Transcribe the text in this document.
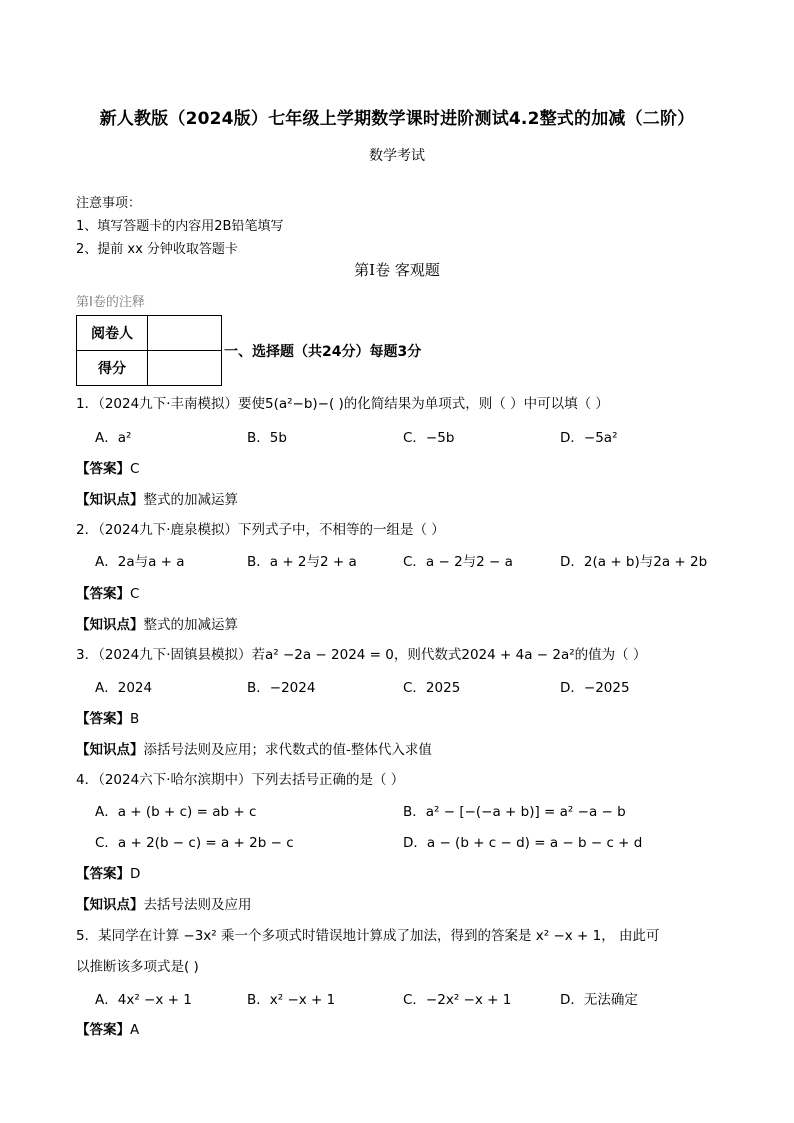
新人教版（2024版）七年级上学期数学课时进阶测试4.2整式的加减（二阶）
数学考试
注意事项：
1、填写答题卡的内容用2B铅笔填写
2、提前 xx 分钟收取答题卡
第Ⅰ卷 客观题
第Ⅰ卷的注释
阅卷人	
得分	
一、选择题（共24分）每题3分
1．（2024九下·丰南模拟）要使5(a²−b)−( )的化简结果为单项式，则（ ）中可以填（ ）
A．a²	B．5b	C．−5b	D．−5a²
【答案】C
【知识点】整式的加减运算
2．（2024九下·鹿泉模拟）下列式子中，不相等的一组是（ ）
A．2a与a + a	B．a + 2与2 + a	C．a − 2与2 − a	D．2(a + b)与2a + 2b
【答案】C
【知识点】整式的加减运算
3．（2024九下·固镇县模拟）若a² −2a − 2024 = 0，则代数式2024 + 4a − 2a²的值为（ ）
A．2024	B．−2024	C．2025	D．−2025
【答案】B
【知识点】添括号法则及应用；求代数式的值-整体代入求值
4．（2024六下·哈尔滨期中）下列去括号正确的是（ ）
A．a + (b + c) = ab + c	B．a² − [−(−a + b)] = a² −a − b
C．a + 2(b − c) = a + 2b − c	D．a − (b + c − d) = a − b − c + d
【答案】D
【知识点】去括号法则及应用
5．某同学在计算 −3x² 乘一个多项式时错误地计算成了加法，得到的答案是 x² −x + 1， 由此可
以推断该多项式是( )
A．4x² −x + 1	B．x² −x + 1	C．−2x² −x + 1	D．无法确定
【答案】A
